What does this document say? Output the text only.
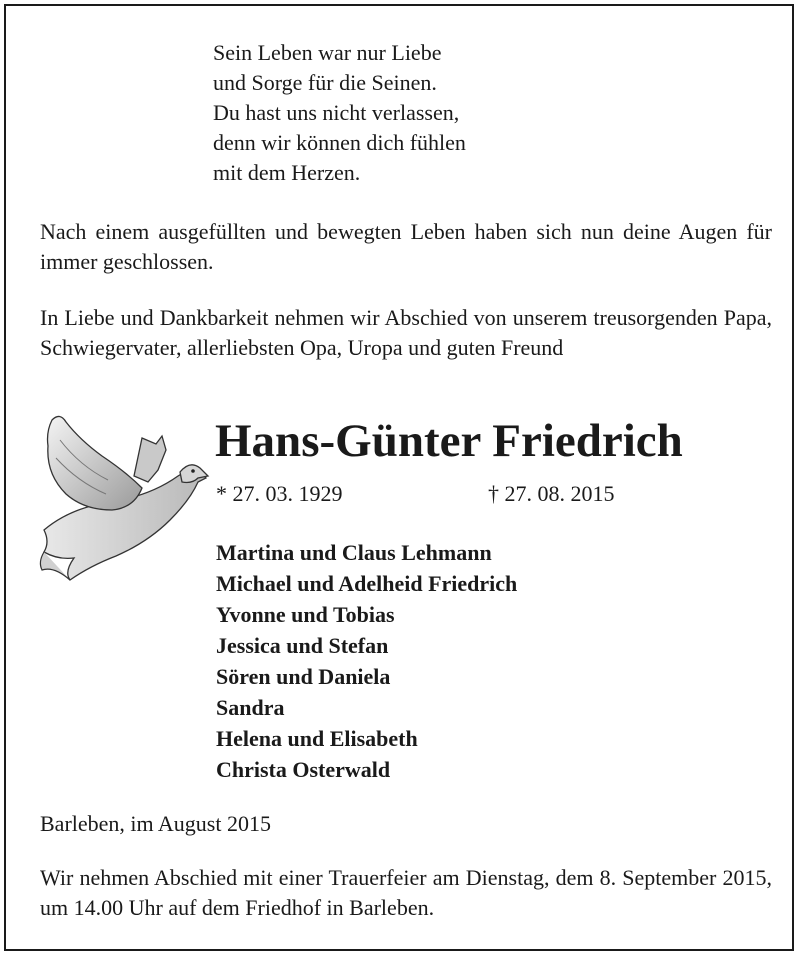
Sein Leben war nur Liebe
und Sorge für die Seinen.
Du hast uns nicht verlassen,
denn wir können dich fühlen
mit dem Herzen.
Nach einem ausgefüllten und bewegten Leben haben sich nun deine Augen für immer geschlossen.
In Liebe und Dankbarkeit nehmen wir Abschied von unserem treusorgenden Papa, Schwiegervater, allerliebsten Opa, Uropa und guten Freund
Hans-Günter Friedrich
* 27. 03. 1929	† 27. 08. 2015
Martina und Claus Lehmann
Michael und Adelheid Friedrich
Yvonne und Tobias
Jessica und Stefan
Sören und Daniela
Sandra
Helena und Elisabeth
Christa Osterwald
Barleben, im August 2015
Wir nehmen Abschied mit einer Trauerfeier am Dienstag, dem 8. September 2015, um 14.00 Uhr auf dem Friedhof in Barleben.
